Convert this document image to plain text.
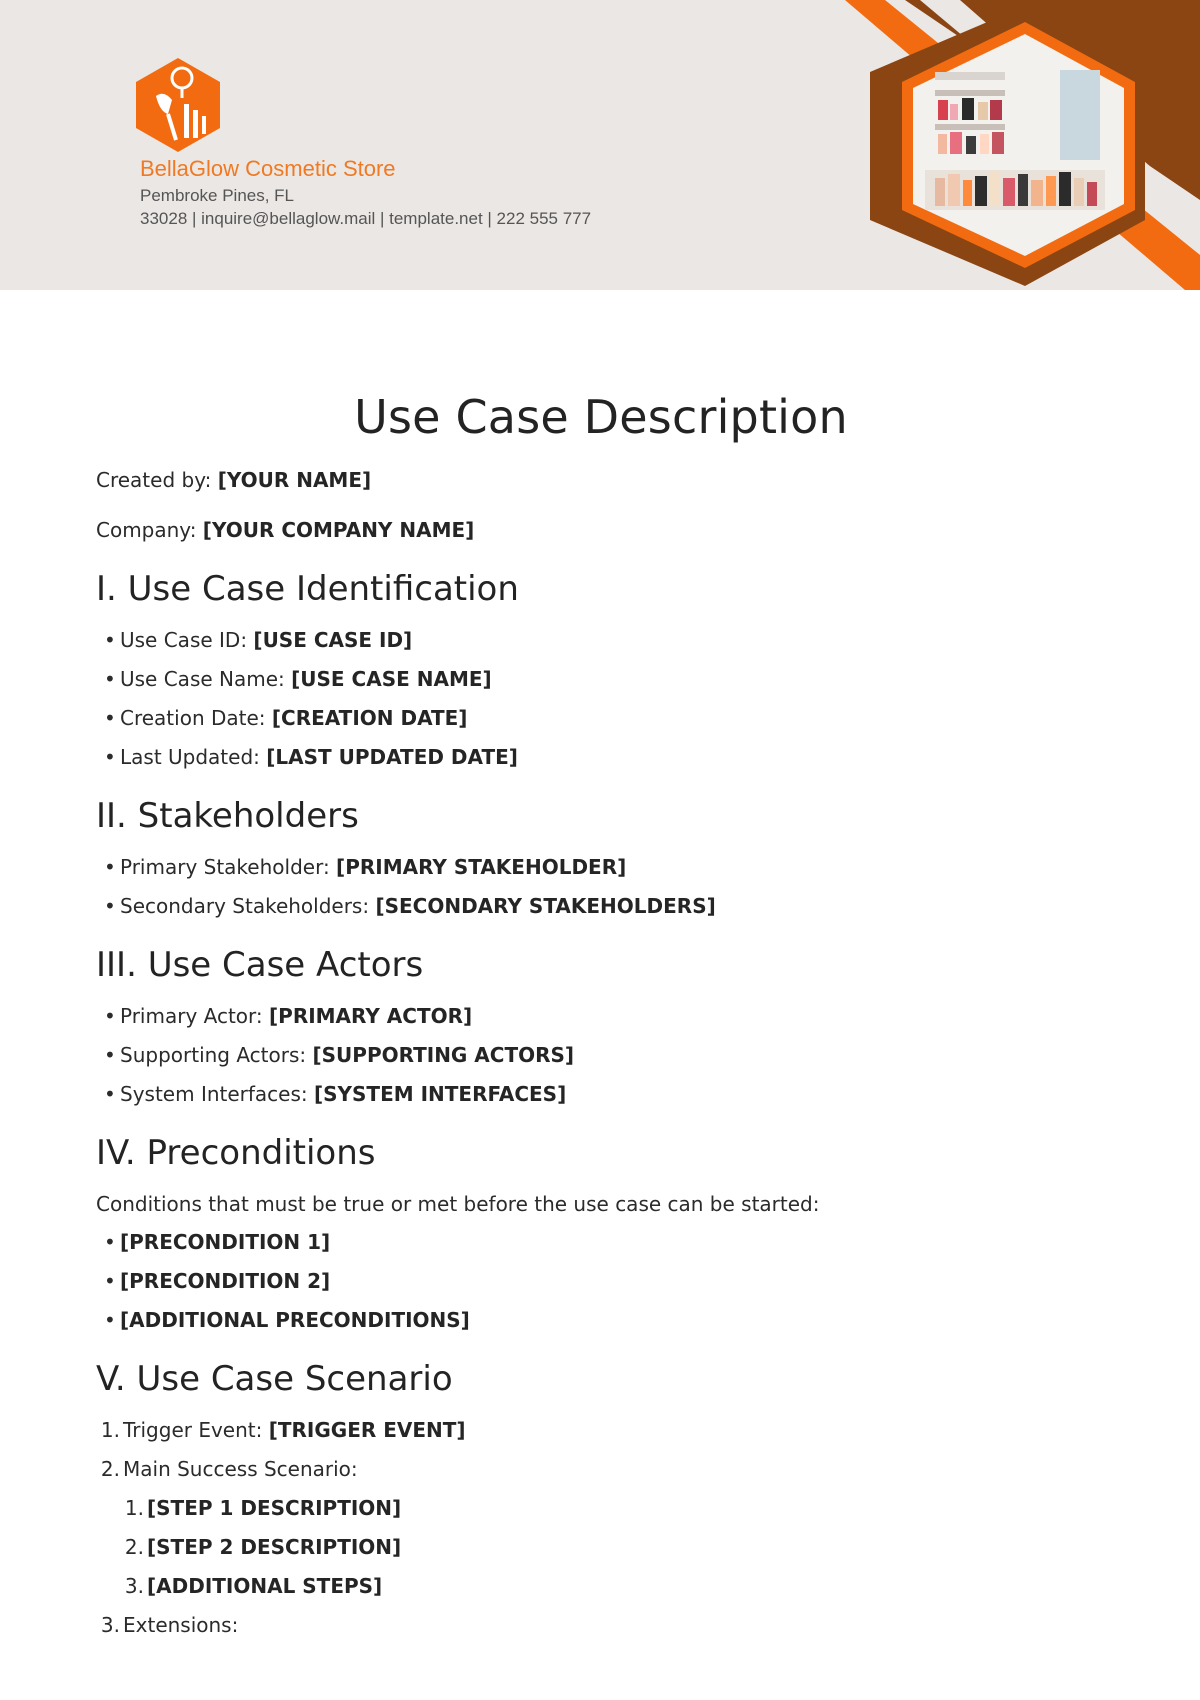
BellaGlow Cosmetic Store
Pembroke Pines, FL
33028 | inquire@bellaglow.mail | template.net | 222 555 777
Use Case Description

Created by: [YOUR NAME]

Company: [YOUR COMPANY NAME]

I. Use Case Identification
• Use Case ID: [USE CASE ID]
• Use Case Name: [USE CASE NAME]
• Creation Date: [CREATION DATE]
• Last Updated: [LAST UPDATED DATE]
II. Stakeholders
• Primary Stakeholder: [PRIMARY STAKEHOLDER]
• Secondary Stakeholders: [SECONDARY STAKEHOLDERS]
III. Use Case Actors
• Primary Actor: [PRIMARY ACTOR]
• Supporting Actors: [SUPPORTING ACTORS]
• System Interfaces: [SYSTEM INTERFACES]
IV. Preconditions

Conditions that must be true or met before the use case can be started:

• [PRECONDITION 1]
• [PRECONDITION 2]
• [ADDITIONAL PRECONDITIONS]
V. Use Case Scenario
1. Trigger Event: [TRIGGER EVENT]
2. Main Success Scenario:
1. [STEP 1 DESCRIPTION]
2. [STEP 2 DESCRIPTION]
3. [ADDITIONAL STEPS]
3. Extensions:
